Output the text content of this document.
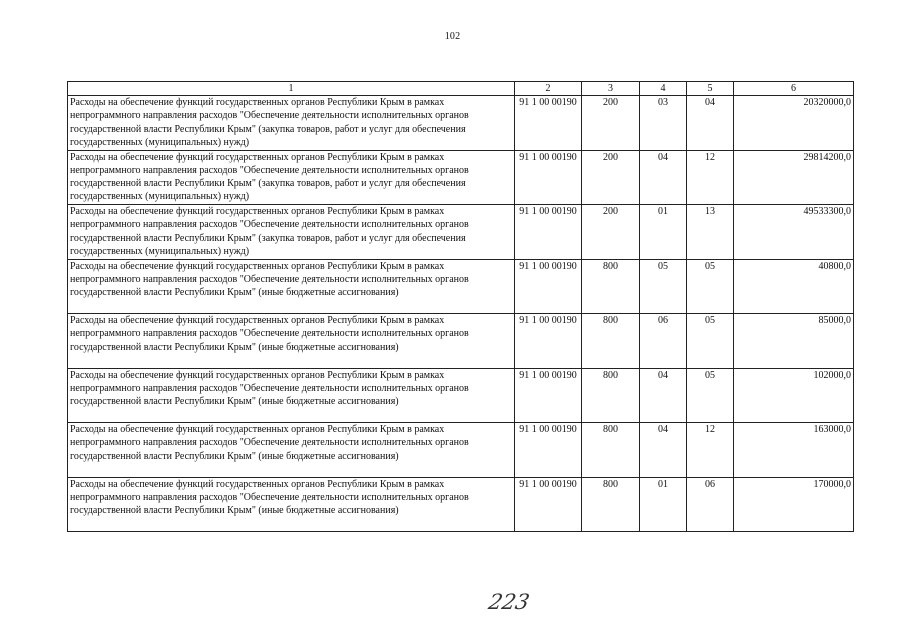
102
1	2	3	4	5	6
Расходы на обеспечение функций государственных органов Республики Крым в рамках непрограммного направления расходов "Обеспечение деятельности исполнительных органов государственной власти Республики Крым" (закупка товаров, работ и услуг для обеспечения государственных (муниципальных) нужд)	91 1 00 00190	200	03	04	20320000,0
Расходы на обеспечение функций государственных органов Республики Крым в рамках непрограммного направления расходов "Обеспечение деятельности исполнительных органов государственной власти Республики Крым" (закупка товаров, работ и услуг для обеспечения государственных (муниципальных) нужд)	91 1 00 00190	200	04	12	29814200,0
Расходы на обеспечение функций государственных органов Республики Крым в рамках непрограммного направления расходов "Обеспечение деятельности исполнительных органов государственной власти Республики Крым" (закупка товаров, работ и услуг для обеспечения государственных (муниципальных) нужд)	91 1 00 00190	200	01	13	49533300,0
Расходы на обеспечение функций государственных органов Республики Крым в рамках непрограммного направления расходов "Обеспечение деятельности исполнительных органов государственной власти Республики Крым" (иные бюджетные ассигнования)	91 1 00 00190	800	05	05	40800,0
Расходы на обеспечение функций государственных органов Республики Крым в рамках непрограммного направления расходов "Обеспечение деятельности исполнительных органов государственной власти Республики Крым" (иные бюджетные ассигнования)	91 1 00 00190	800	06	05	85000,0
Расходы на обеспечение функций государственных органов Республики Крым в рамках непрограммного направления расходов "Обеспечение деятельности исполнительных органов государственной власти Республики Крым" (иные бюджетные ассигнования)	91 1 00 00190	800	04	05	102000,0
Расходы на обеспечение функций государственных органов Республики Крым в рамках непрограммного направления расходов "Обеспечение деятельности исполнительных органов государственной власти Республики Крым" (иные бюджетные ассигнования)	91 1 00 00190	800	04	12	163000,0
Расходы на обеспечение функций государственных органов Республики Крым в рамках непрограммного направления расходов "Обеспечение деятельности исполнительных органов государственной власти Республики Крым" (иные бюджетные ассигнования)	91 1 00 00190	800	01	06	170000,0
223
